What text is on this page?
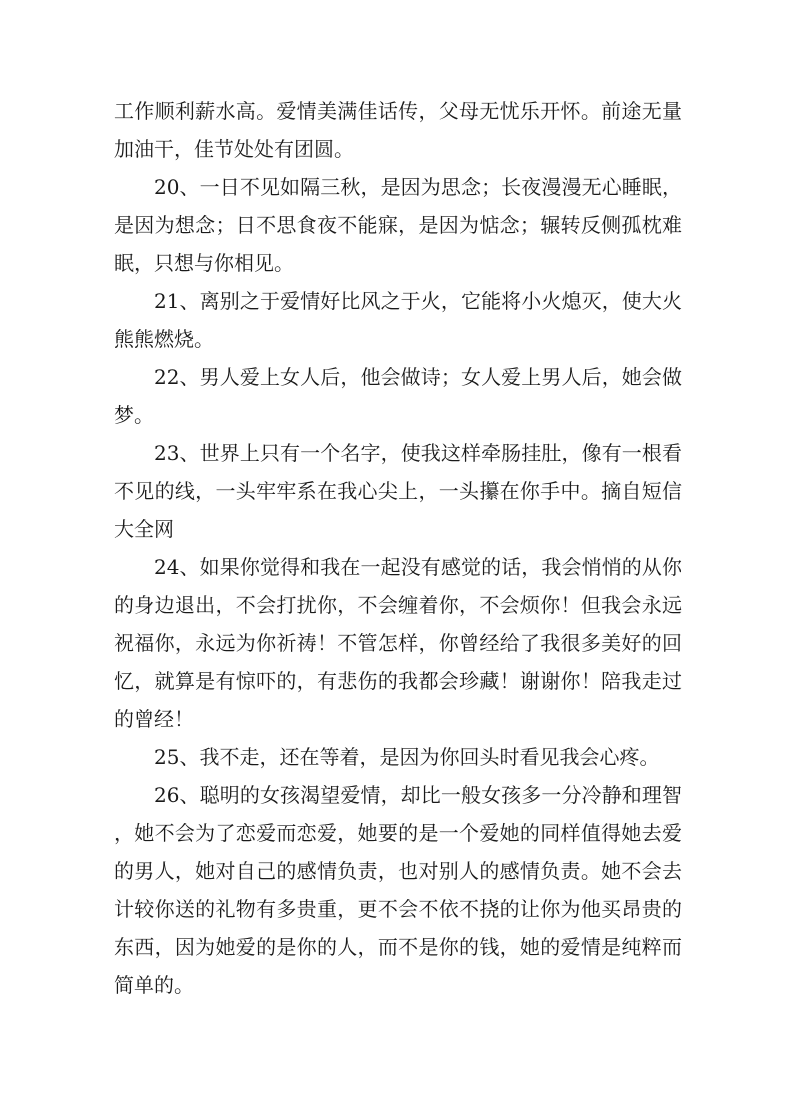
工作顺利薪水高。爱情美满佳话传，父母无忧乐开怀。前途无量加油干，佳节处处有团圆。

20、一日不见如隔三秋，是因为思念；长夜漫漫无心睡眠，是因为想念；日不思食夜不能寐，是因为惦念；辗转反侧孤枕难眠，只想与你相见。

21、离别之于爱情好比风之于火，它能将小火熄灭，使大火熊熊燃烧。

22、男人爱上女人后，他会做诗；女人爱上男人后，她会做梦。

23、世界上只有一个名字，使我这样牵肠挂肚，像有一根看不见的线，一头牢牢系在我心尖上，一头攥在你手中。摘自短信大全网

24、如果你觉得和我在一起没有感觉的话，我会悄悄的从你的身边退出，不会打扰你，不会缠着你，不会烦你！但我会永远祝福你，永远为你祈祷！不管怎样，你曾经给了我很多美好的回忆，就算是有惊吓的，有悲伤的我都会珍藏！谢谢你！陪我走过的曾经！

25、我不走，还在等着，是因为你回头时看见我会心疼。

26、聪明的女孩渴望爱情，却比一般女孩多一分冷静和理智，她不会为了恋爱而恋爱，她要的是一个爱她的同样值得她去爱的男人，她对自己的感情负责，也对别人的感情负责。她不会去计较你送的礼物有多贵重，更不会不依不挠的让你为他买昂贵的东西，因为她爱的是你的人，而不是你的钱，她的爱情是纯粹而简单的。
